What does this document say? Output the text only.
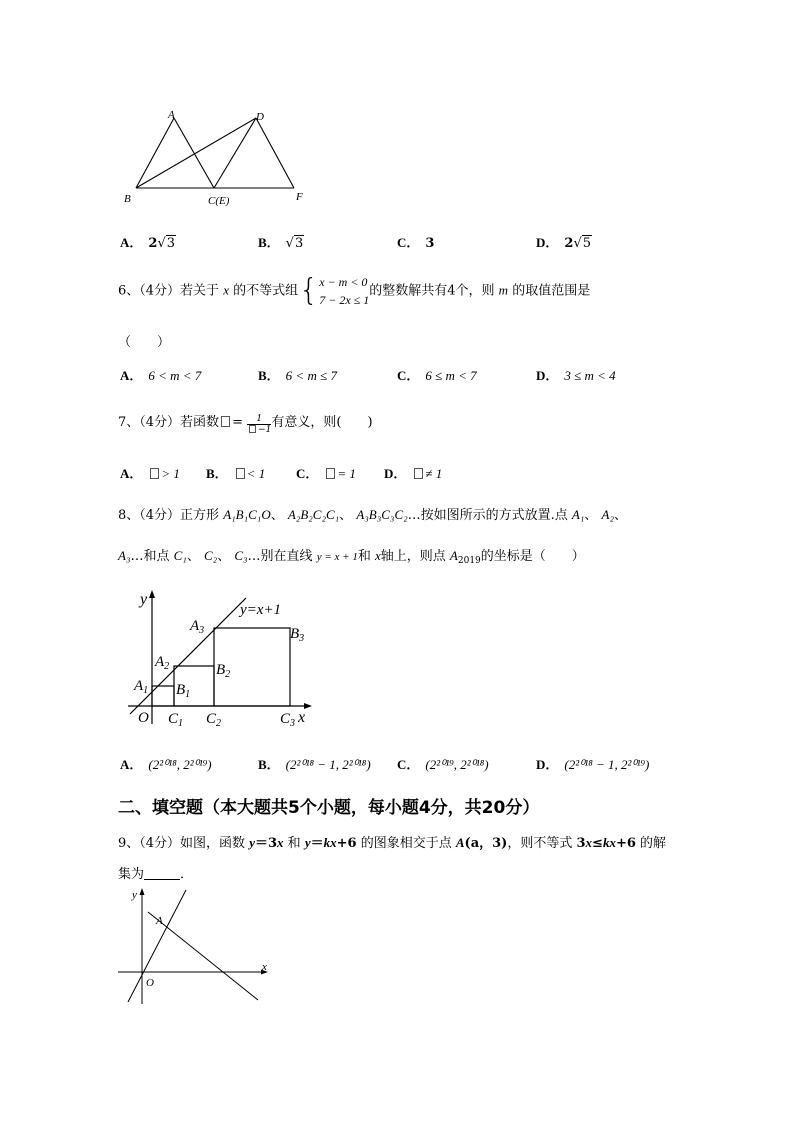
A	D
B	C(E)	F
A． 2√3	B． √3	C． 3	D． 2√5
6、（4分）若关于 x 的不等式组{x − m < 0
7 − 2x ≤ 1的整数解共有4个，则 m 的取值范围是
（　　）
A． 6 < m < 7	B． 6 < m ≤ 7	C． 6 ≤ m < 7	D． 3 ≤ m < 4
7、（4分）若函数 = $\frac{1}{-1}$ 有意义，则(　　)
A． > 1 B． < 1 C． = 1 D． ≠ 1
8、（4分）正方形 A₁B₁C₁O、 A₂B₂C₂C₁、 A₃B₃C₃C₂…按如图所示的方式放置.点 A₁、 A₂、
A₃…和点 C₁、 C₂、 C₃…别在直线 y = x + 1和 x轴上，则点 $A_{2019}$的坐标是（　　）
y
x
y=x+1
O
$A_1$
$A_2$
$A_3$
$B_1$
$B_2$
$B_3$
$C_1$ $C_2$	$C_3$
A． (2²⁰¹⁸, 2²⁰¹⁹)	B． (2²⁰¹⁸ − 1, 2²⁰¹⁸) C． (2²⁰¹⁹, 2²⁰¹⁸)	D． (2²⁰¹⁸ − 1, 2²⁰¹⁹)
二、填空题（本大题共5个小题，每小题4分，共20分）
9、（4分）如图，函数 y＝3x 和 y＝kx+6 的图象相交于点 A(a，3)，则不等式 3x≤kx+6 的解
集为	．
y
x
O
A
